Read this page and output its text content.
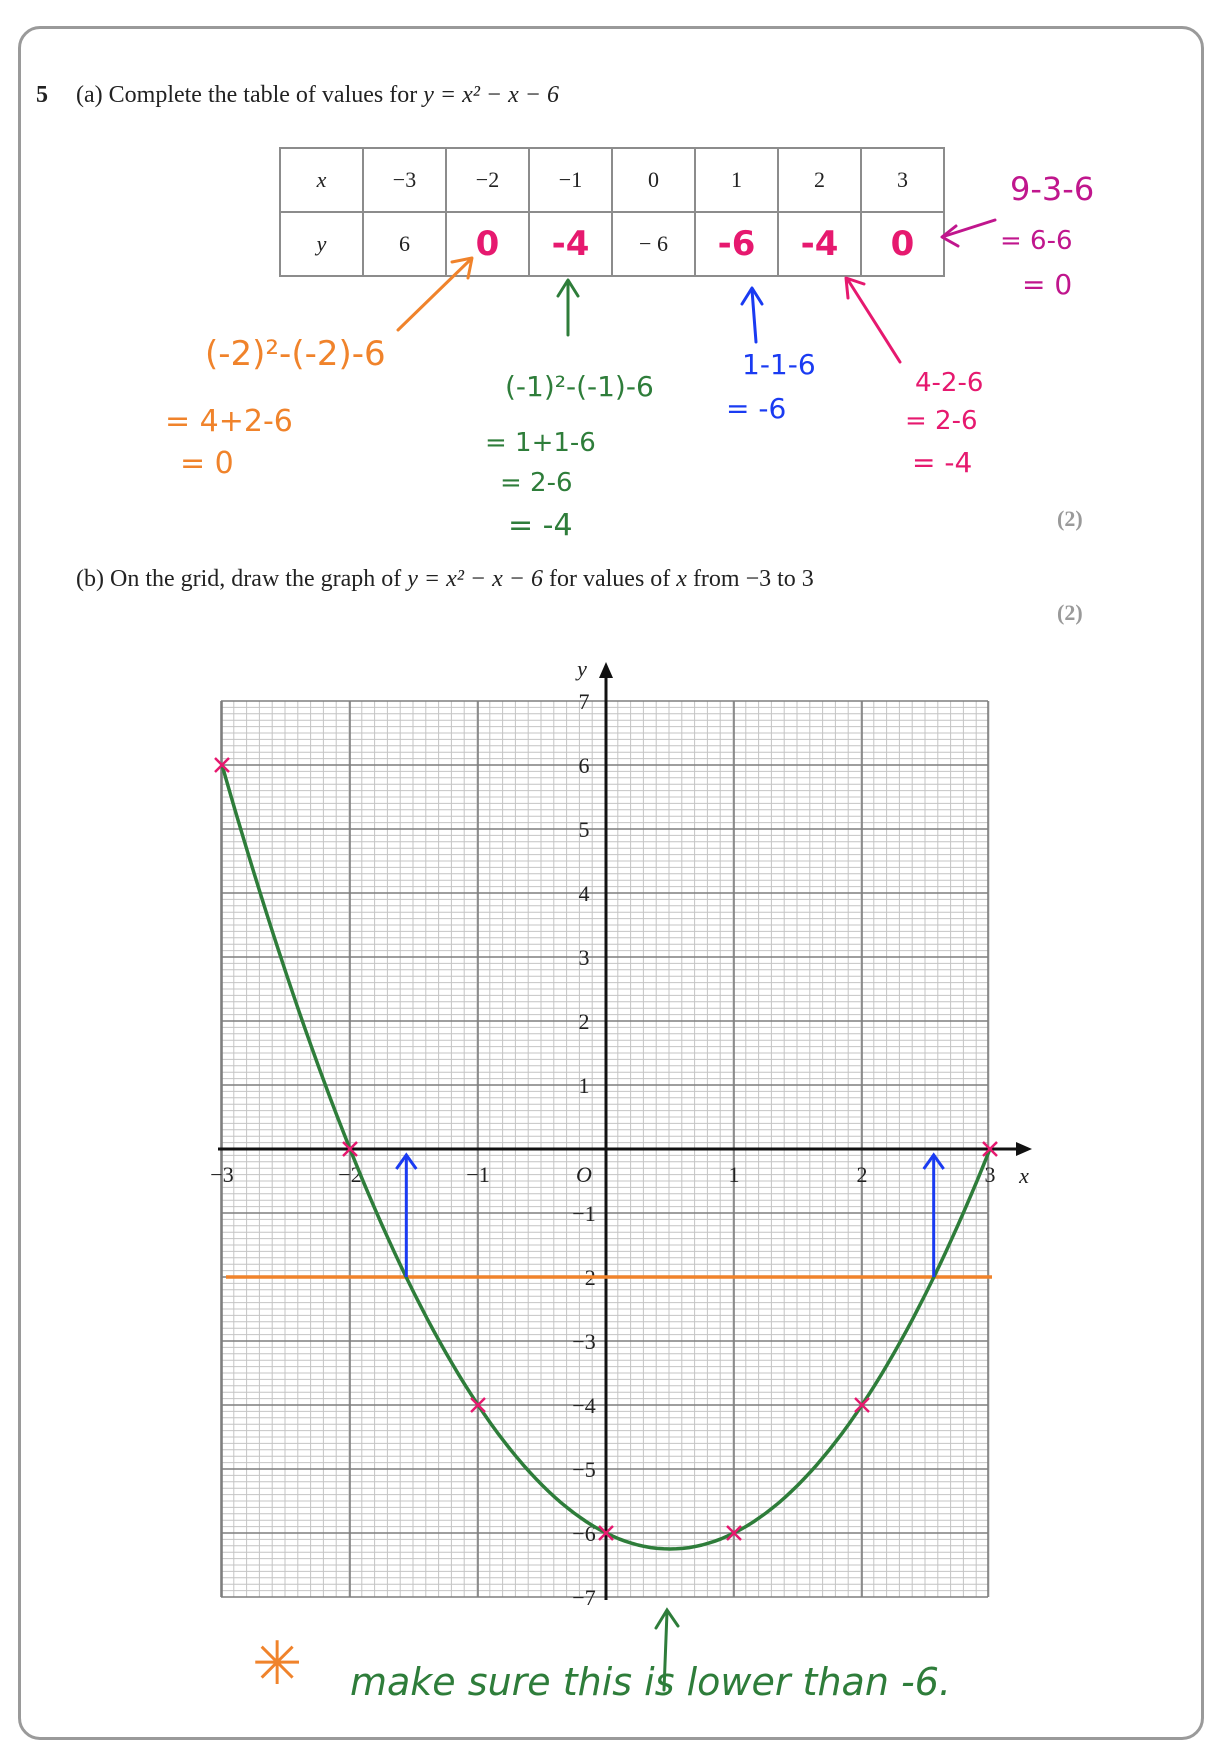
5 (a) Complete the table of values for y = x² − x − 6
x	−3	−2	−1	0	1	2	3
y	6	0	-4	− 6	-6	-4	0
(-2)²-(-2)-6
= 4+2-6
= 0
(-1)²-(-1)-6
= 1+1-6
= 2-6
= -4
1-1-6
= -6
4-2-6
= 2-6
= -4
9-3-6
= 6-6
= 0
(2)
(b) On the grid, draw the graph of y = x² − x − 6 for values of x from −3 to 3
(2)
−3	−2	−1	1	2	3
7
6
5
4
3
2
1
−1
−2
−3
−4
−5
−6
−7
O	x
y
✳ make sure this is lower than -6.
